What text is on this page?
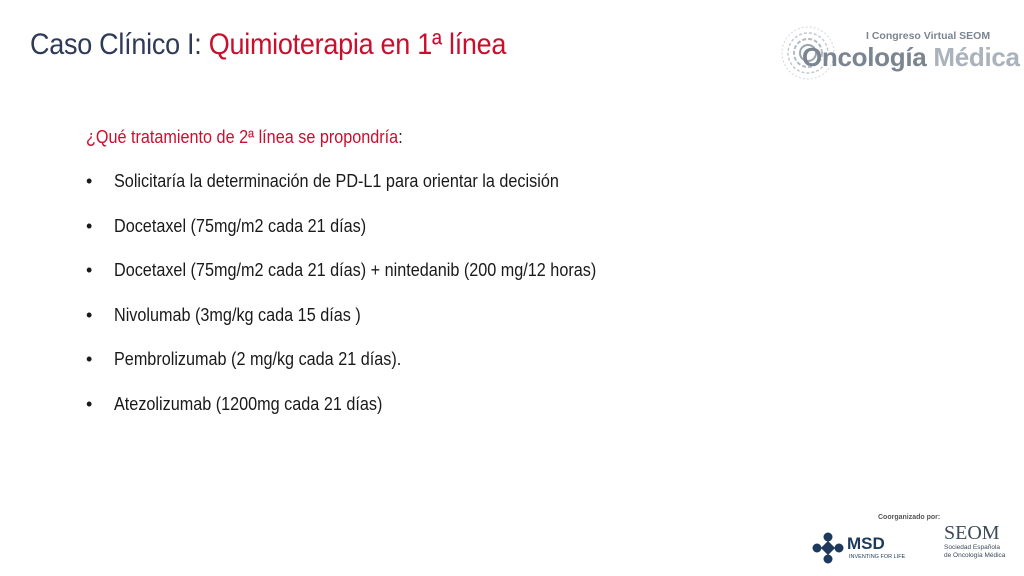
Caso Clínico I: Quimioterapia en 1ª línea	I Congreso Virtual SEOM
Oncología Médica
¿Qué tratamiento de 2ª línea se propondría:
•	Solicitaría la determinación de PD-L1 para orientar la decisión
•	Docetaxel (75mg/m2 cada 21 días)
•	Docetaxel (75mg/m2 cada 21 días) + nintedanib (200 mg/12 horas)
•	Nivolumab (3mg/kg cada 15 días )
•	Pembrolizumab (2 mg/kg cada 21 días).
•	Atezolizumab (1200mg cada 21 días)
Coorganizado por:
MSD
INVENTING FOR LIFE
SEOM
Sociedad Española
de Oncología Médica
